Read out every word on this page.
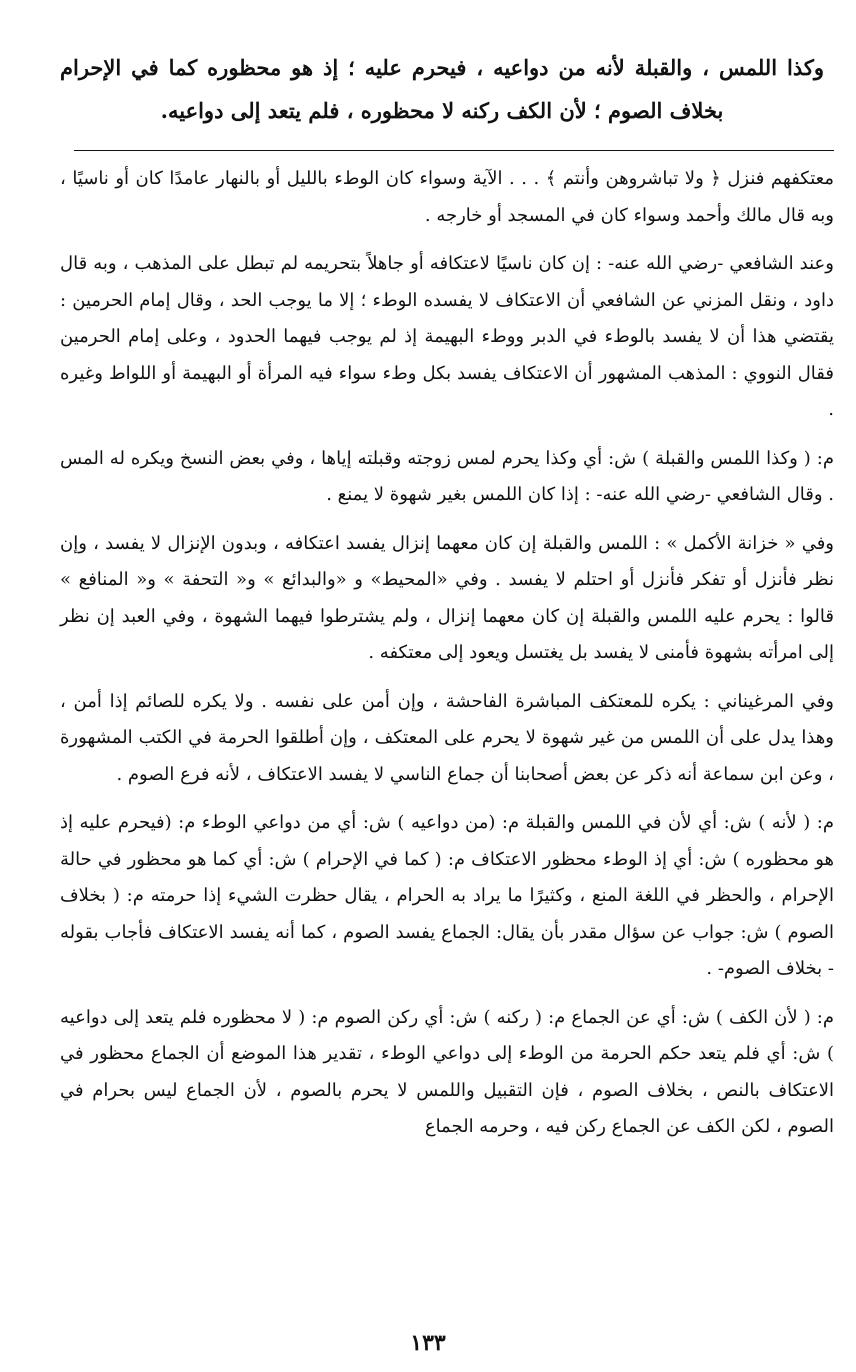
وكذا اللمس ، والقبلة لأنه من دواعيه ، فيحرم عليه ؛ إذ هو محظوره كما في الإحرام بخلاف الصوم ؛ لأن الكف ركنه لا محظوره ، فلم يتعد إلى دواعيه.

معتكفهم فنزل ﴿ ولا تباشروهن وأنتم ﴾ . . . الآية وسواء كان الوطء بالليل أو بالنهار عامدًا كان أو ناسيًا ، وبه قال مالك وأحمد وسواء كان في المسجد أو خارجه .

وعند الشافعي -رضي الله عنه- : إن كان ناسيًا لاعتكافه أو جاهلاً بتحريمه لم تبطل على المذهب ، وبه قال داود ، ونقل المزني عن الشافعي أن الاعتكاف لا يفسده الوطء ؛ إلا ما يوجب الحد ، وقال إمام الحرمين : يقتضي هذا أن لا يفسد بالوطء في الدبر ووطء البهيمة إذ لم يوجب فيهما الحدود ، وعلى إمام الحرمين فقال النووي : المذهب المشهور أن الاعتكاف يفسد بكل وطء سواء فيه المرأة أو البهيمة أو اللواط وغيره .

م: ( وكذا اللمس والقبلة ) ش: أي وكذا يحرم لمس زوجته وقبلته إياها ، وفي بعض النسخ ويكره له المس . وقال الشافعي -رضي الله عنه- : إذا كان اللمس بغير شهوة لا يمنع .

وفي « خزانة الأكمل » : اللمس والقبلة إن كان معهما إنزال يفسد اعتكافه ، وبدون الإنزال لا يفسد ، وإن نظر فأنزل أو تفكر فأنزل أو احتلم لا يفسد . وفي «المحيط» و «والبدائع » و« التحفة » و« المنافع » قالوا : يحرم عليه اللمس والقبلة إن كان معهما إنزال ، ولم يشترطوا فيهما الشهوة ، وفي العبد إن نظر إلى امرأته بشهوة فأمنى لا يفسد بل يغتسل ويعود إلى معتكفه .

وفي المرغيناني : يكره للمعتكف المباشرة الفاحشة ، وإن أمن على نفسه . ولا يكره للصائم إذا أمن ، وهذا يدل على أن اللمس من غير شهوة لا يحرم على المعتكف ، وإن أطلقوا الحرمة في الكتب المشهورة ، وعن ابن سماعة أنه ذكر عن بعض أصحابنا أن جماع الناسي لا يفسد الاعتكاف ، لأنه فرع الصوم .

م: ( لأنه ) ش: أي لأن في اللمس والقبلة م: (من دواعيه ) ش: أي من دواعي الوطء م: (فيحرم عليه إذ هو محظوره ) ش: أي إذ الوطء محظور الاعتكاف م: ( كما في الإحرام ) ش: أي كما هو محظور في حالة الإحرام ، والحظر في اللغة المنع ، وكثيرًا ما يراد به الحرام ، يقال حظرت الشيء إذا حرمته م: ( بخلاف الصوم ) ش: جواب عن سؤال مقدر بأن يقال: الجماع يفسد الصوم ، كما أنه يفسد الاعتكاف فأجاب بقوله - بخلاف الصوم- .

م: ( لأن الكف ) ش: أي عن الجماع م: ( ركنه ) ش: أي ركن الصوم م: ( لا محظوره فلم يتعد إلى دواعيه ) ش: أي فلم يتعد حكم الحرمة من الوطء إلى دواعي الوطء ، تقدير هذا الموضع أن الجماع محظور في الاعتكاف بالنص ، بخلاف الصوم ، فإن التقبيل واللمس لا يحرم بالصوم ، لأن الجماع ليس بحرام في الصوم ، لكن الكف عن الجماع ركن فيه ، وحرمه الجماع

١٣٣
